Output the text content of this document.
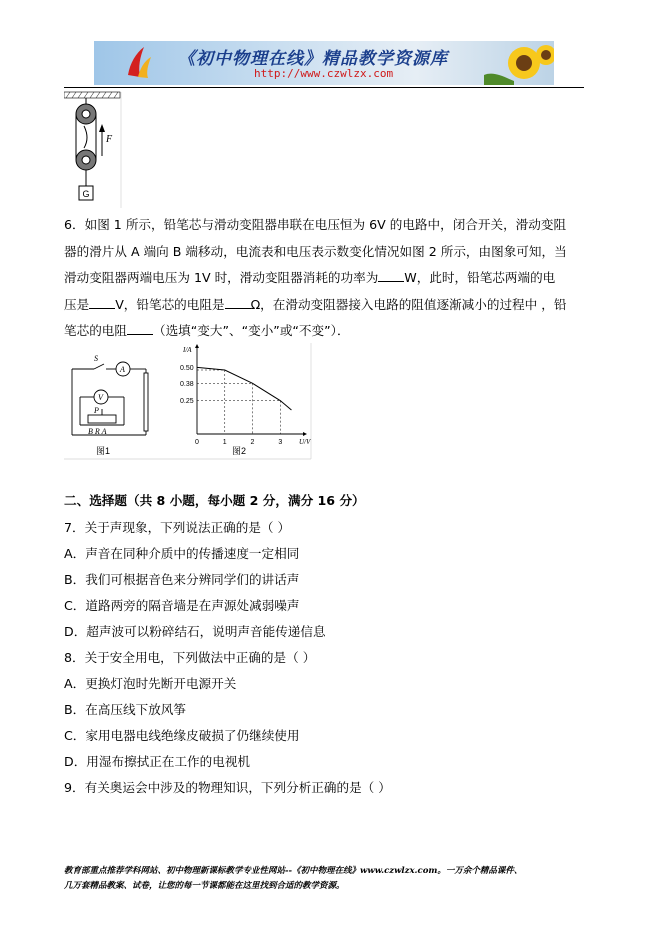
《初中物理在线》精品教学资源库
http://www.czwlzx.com
F
G
6．如图 1 所示，铅笔芯与滑动变阻器串联在电压恒为 6V 的电路中，闭合开关，滑动变阻
器的滑片从 A 端向 B 端移动，电流表和电压表示数变化情况如图 2 所示，由图象可知，当
滑动变阻器两端电压为 1V 时，滑动变阻器消耗的功率为 W，此时，铅笔芯两端的电
压是 V，铅笔芯的电阻是 Ω，在滑动变阻器接入电路的阻值逐渐减小的过程中 ，铅
笔芯的电阻 （选填“变大”、“变小”或“不变”）．
S
A
V
P
B R A
图1
I/A
U/V
0	1	2	3
0.50
0.38
0.25
图2
二、选择题（共 8 小题，每小题 2 分，满分 16 分）
7．关于声现象，下列说法正确的是（ ）
A．声音在同种介质中的传播速度一定相同
B．我们可根据音色来分辨同学们的讲话声
C．道路两旁的隔音墙是在声源处减弱噪声
D．超声波可以粉碎结石，说明声音能传递信息
8．关于安全用电，下列做法中正确的是（ ）
A．更换灯泡时先断开电源开关
B．在高压线下放风筝
C．家用电器电线绝缘皮破损了仍继续使用
D．用湿布擦拭正在工作的电视机
9．有关奥运会中涉及的物理知识，下列分析正确的是（ ）
教育部重点推荐学科网站、初中物理新课标教学专业性网站--《初中物理在线》www.czwlzx.com。一万余个精品课件、
几万套精品教案、试卷，让您的每一节课都能在这里找到合适的教学资源。
